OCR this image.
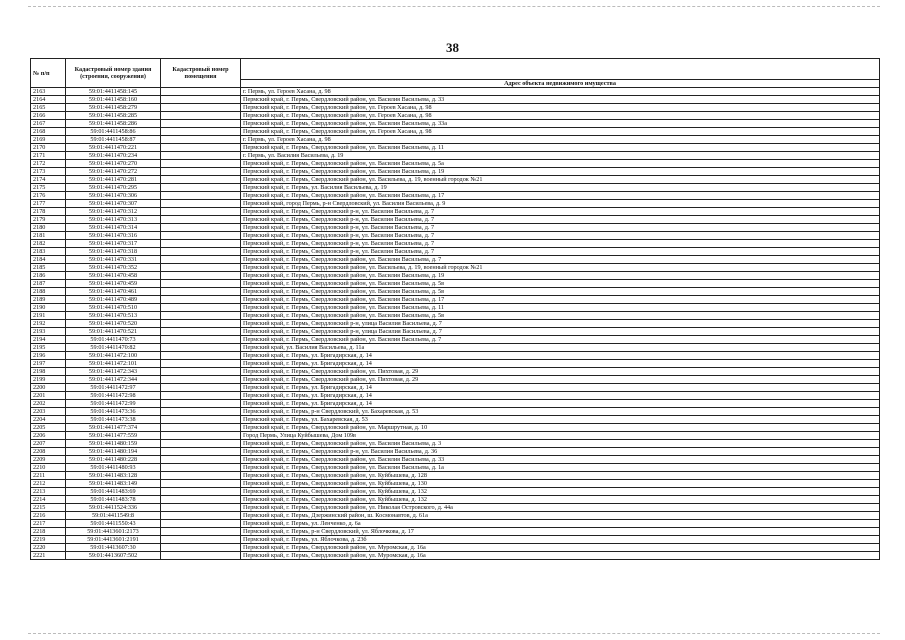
38
№ п/п	Кадастровый номер здания (строения, сооружения)	Кадастровый номер помещения	
			Адрес объекта недвижимого имущества
2163	59:01:4411458:145		г. Пермь, ул. Героев Хасана, д. 98
2164	59:01:4411458:160		Пермский край, г. Пермь, Свердловский район, ул. Василия Васильева, д. 33
2165	59:01:4411458:279		Пермский край, г. Пермь, Свердловский район, ул. Героев Хасана, д. 98
2166	59:01:4411458:285		Пермский край, г. Пермь, Свердловский район, ул. Героев Хасана, д. 98
2167	59:01:4411458:286		Пермский край, г. Пермь, Свердловский район, ул. Василия Васильева, д. 33а
2168	59:01:4411458:86		Пермский край, г. Пермь, Свердловский район, ул. Героев Хасана, д. 98
2169	59:01:4411458:87		г. Пермь, ул. Героев Хасана, д. 98
2170	59:01:4411470:221		Пермский край, г. Пермь, Свердловский район, ул. Василия Васильева, д. 11
2171	59:01:4411470:234		г. Пермь, ул. Василия Васильева, д. 19
2172	59:01:4411470:270		Пермский край, г. Пермь, Свердловский район, ул. Василия Васильева, д. 5а
2173	59:01:4411470:272		Пермский край, г. Пермь, Свердловский район, ул. Василия Васильева, д. 19
2174	59:01:4411470:281		Пермский край, г. Пермь, Свердловский район, ул. Васильева, д. 19, военный городок №21
2175	59:01:4411470:295		Пермский край, г. Пермь, ул. Василия Васильева, д. 19
2176	59:01:4411470:306		Пермский край, г. Пермь, Свердловский район, ул. Василия Васильева, д. 17
2177	59:01:4411470:307		Пермский край, город Пермь, р-н Свердловский, ул. Василия Васильева, д. 9
2178	59:01:4411470:312		Пермский край, г. Пермь, Свердловский р-н, ул. Василия Васильева, д. 7
2179	59:01:4411470:313		Пермский край, г. Пермь, Свердловский р-н, ул. Василия Васильева, д. 7
2180	59:01:4411470:314		Пермский край, г. Пермь, Свердловский р-н, ул. Василия Васильева, д. 7
2181	59:01:4411470:316		Пермский край, г. Пермь, Свердловский р-н, ул. Василия Васильева, д. 7
2182	59:01:4411470:317		Пермский край, г. Пермь, Свердловский р-н, ул. Василия Васильева, д. 7
2183	59:01:4411470:318		Пермский край, г. Пермь, Свердловский р-н, ул. Василия Васильева, д. 7
2184	59:01:4411470:331		Пермский край, г. Пермь, Свердловский район, ул. Василия Васильева, д. 7
2185	59:01:4411470:352		Пермский край, г. Пермь, Свердловский район, ул. Васильева, д. 19, военный городок №21
2186	59:01:4411470:458		Пермский край, г. Пермь, Свердловский район, ул. Василия Васильева, д. 19
2187	59:01:4411470:459		Пермский край, г. Пермь, Свердловский район, ул. Василия Васильева, д. 5в
2188	59:01:4411470:461		Пермский край, г. Пермь, Свердловский район, ул. Василия Васильева, д. 5в
2189	59:01:4411470:489		Пермский край, г. Пермь, Свердловский район, ул. Василия Васильева, д. 17
2190	59:01:4411470:510		Пермский край, г. Пермь, Свердловский район, ул. Василия Васильева, д. 11
2191	59:01:4411470:513		Пермский край, г. Пермь, Свердловский район, ул. Василия Васильева, д. 5в
2192	59:01:4411470:520		Пермский край, г. Пермь, Свердловский р-н, улица Василия Васильева, д. 7
2193	59:01:4411470:521		Пермский край, г. Пермь, Свердловский р-н, улица Василия Васильева, д. 7
2194	59:01:4411470:73		Пермский край, г. Пермь, Свердловский район, ул. Василия Васильева, д. 7
2195	59:01:4411470:82		Пермский край, ул. Василия Васильева, д. 11а
2196	59:01:4411472:100		Пермский край, г. Пермь, ул. Бригадирская, д. 14
2197	59:01:4411472:101		Пермский край, г. Пермь, ул. Бригадирская, д. 14
2198	59:01:4411472:343		Пермский край, г. Пермь, Свердловский район, ул. Пихтовая, д. 29
2199	59:01:4411472:344		Пермский край, г. Пермь, Свердловский район, ул. Пихтовая, д. 29
2200	59:01:4411472:97		Пермский край, г. Пермь, ул. Бригадирская, д. 14
2201	59:01:4411472:98		Пермский край, г. Пермь, ул. Бригадирская, д. 14
2202	59:01:4411472:99		Пермский край, г. Пермь, ул. Бригадирская, д. 14
2203	59:01:4411473:36		Пермский край, г. Пермь, р-н Свердловский, ул. Бахаревская, д. 53
2204	59:01:4411473:38		Пермский край, г. Пермь, ул. Бахаревская, д. 53
2205	59:01:4411477:374		Пермский край, г. Пермь, Свердловский район, ул. Маршрутная, д. 10
2206	59:01:4411477:559		Город Пермь, Улица Куйбышева, Дом 109в
2207	59:01:4411480:159		Пермский край, г. Пермь, Свердловский район, ул. Василия Васильева, д. 3
2208	59:01:4411480:194		Пермский край, г. Пермь, Свердловский р-н, ул. Василия Васильева, д. 36
2209	59:01:4411480:228		Пермский край, г. Пермь, Свердловский район, ул. Василия Васильева, д. 33
2210	59:01:4411480:93		Пермский край, г. Пермь, Свердловский район, ул. Василия Васильева, д. 1а
2211	59:01:4411483:128		Пермский край, г. Пермь, Свердловский район, ул. Куйбышева, д. 128
2212	59:01:4411483:149		Пермский край, г. Пермь, Свердловский район, ул. Куйбышева, д. 130
2213	59:01:4411483:69		Пермский край, г. Пермь, Свердловский район, ул. Куйбышева, д. 132
2214	59:01:4411483:78		Пермский край, г. Пермь, Свердловский район, ул. Куйбышева, д. 132
2215	59:01:4411524:336		Пермский край, г. Пермь, Свердловский район, ул. Николая Островского, д. 44а
2216	59:01:4411549:8		Пермский край, г. Пермь, Дзержинский район, ш. Космонавтов, д. 61а
2217	59:01:4411550:43		Пермский край, г. Пермь, ул. Ленченко, д. 6а
2218	59:01:4413601:2173		Пермский край, г. Пермь, р-н Свердловский, ул. Яблочкова, д. 17
2219	59:01:4413601:2191		Пермский край, г. Пермь, ул. Яблочкова, д. 23б
2220	59:01:4413607:30		Пермский край, г. Пермь, Свердловский район, ул. Муромская, д. 16а
2221	59:01:4413607:502		Пермский край, г. Пермь, Свердловский район, ул. Муромская, д. 16а
